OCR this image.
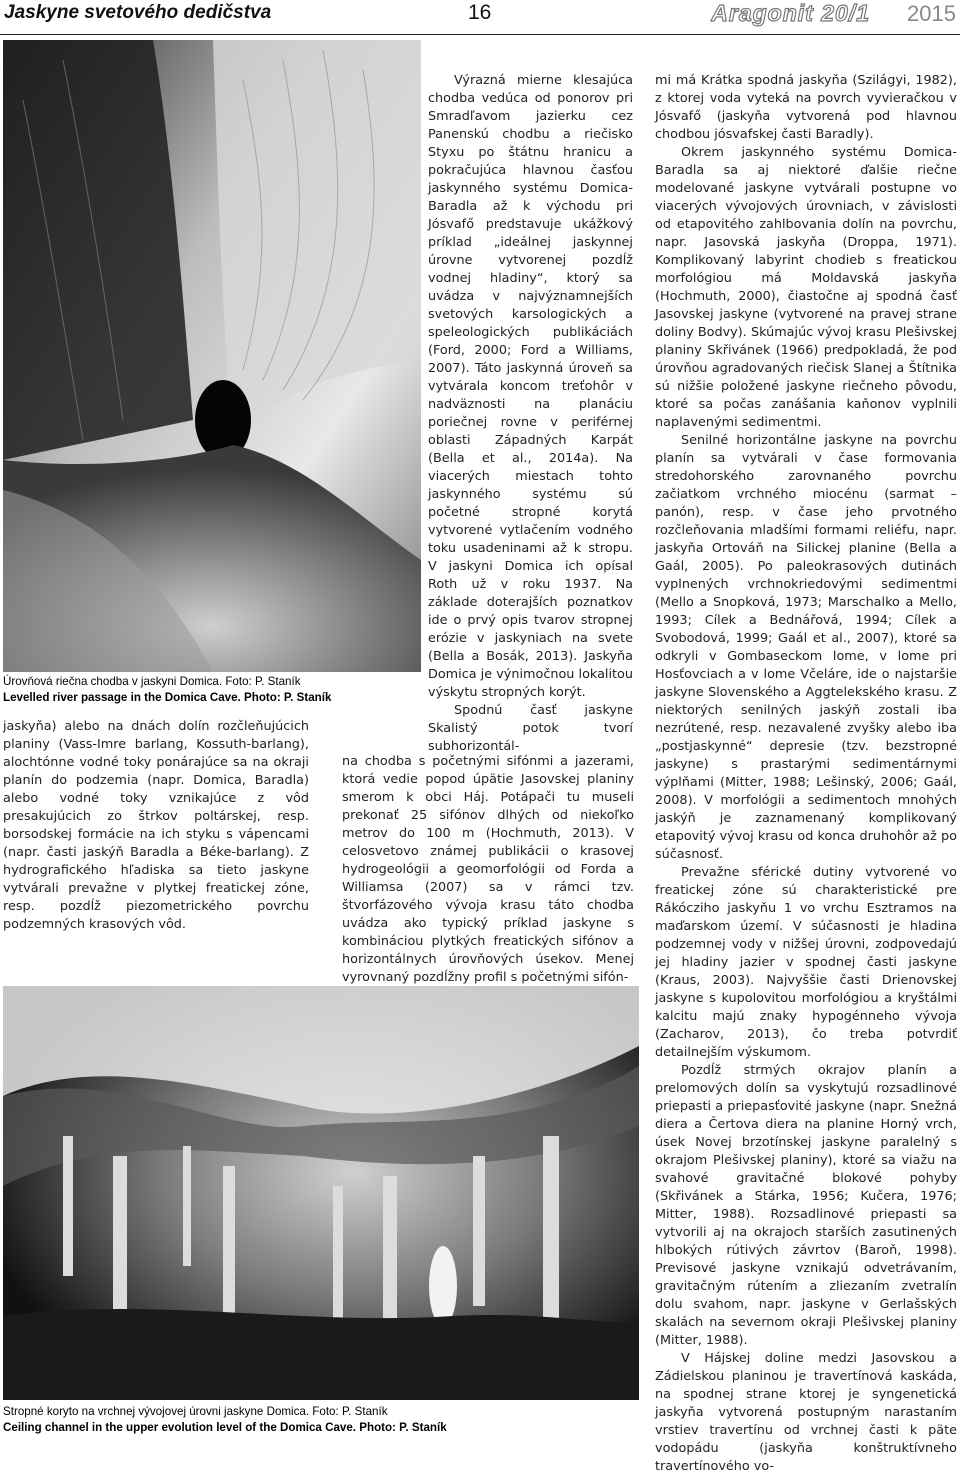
Jaskyne svetového dedičstva	16	Aragonit 20/1 2015
Úrovňová riečna chodba v jaskyni Domica. Foto: P. Staník
Levelled river passage in the Domica Cave. Photo: P. Staník

jaskyňa) alebo na dnách dolín rozčleňujúcich planiny (Vass-Imre barlang, Kossuth-barlang), alochtónne vodné toky ponárajúce sa na okraji planín do podzemia (napr. Domica, Baradla) alebo vodné toky vznikajúce z vôd presakujúcich zo štrkov poltárskej, resp. borsodskej formácie na ich styku s vápencami (napr. časti jaskýň Baradla a Béke-barlang). Z hydrografického hľadiska sa tieto jaskyne vytvárali prevažne v plytkej freatickej zóne, resp. pozdĺž piezometrického povrchu podzemných krasových vôd.

Výrazná mierne klesajúca chodba vedúca od ponorov pri Smradľavom jazierku cez Panenskú chodbu a riečisko Styxu po štátnu hranicu a pokračujúca hlavnou časťou jaskynného systému Domica-Baradla až k východu pri Jósvafő predstavuje ukážkový príklad „ideálnej jaskynnej úrovne vytvorenej pozdĺž vodnej hladiny“, ktorý sa uvádza v najvýznamnejších svetových karsologických a speleologických publikáciách (Ford, 2000; Ford a Williams, 2007). Táto jaskynná úroveň sa vytvárala koncom treťohôr v nadväznosti na planáciu poriečnej rovne v periférnej oblasti Západných Karpát (Bella et al., 2014a). Na viacerých miestach tohto jaskynného systému sú početné stropné korytá vytvorené vytlačením vodného toku usadeninami až k stropu. V jaskyni Domica ich opísal Roth už v roku 1937. Na základe doterajších poznatkov ide o prvý opis tvarov stropnej erózie v jaskyniach na svete (Bella a Bosák, 2013). Jaskyňa Domica je výnimočnou lokalitou výskytu stropných korýt.

Spodnú časť jaskyne Skalistý potok tvorí subhorizontál-

na chodba s početnými sifónmi a jazerami, ktorá vedie popod úpätie Jasovskej planiny smerom k obci Háj. Potápači tu museli prekonať 25 sifónov dlhých od niekoľko metrov do 100 m (Hochmuth, 2013). V celosvetovo známej publikácii o krasovej hydrogeológii a geomorfológii od Forda a Williamsa (2007) sa v rámci tzv. štvorfázového vývoja krasu táto chodba uvádza ako typický príklad jaskyne s kombináciou plytkých freatických sifónov a horizontálnych úrovňových úsekov. Menej vyrovnaný pozdĺžny profil s početnými sifón-

Stropné koryto na vrchnej vývojovej úrovni jaskyne Domica. Foto: P. Staník
Ceiling channel in the upper evolution level of the Domica Cave. Photo: P. Staník

mi má Krátka spodná jaskyňa (Szilágyi, 1982), z ktorej voda vyteká na povrch vyvieračkou v Jósvafő (jaskyňa vytvorená pod hlavnou chodbou jósvafskej časti Baradly).

Okrem jaskynného systému Domica-Baradla sa aj niektoré ďalšie riečne modelované jaskyne vytvárali postupne vo viacerých vývojových úrovniach, v závislosti od etapovitého zahlbovania dolín na povrchu, napr. Jasovská jaskyňa (Droppa, 1971). Komplikovaný labyrint chodieb s freatickou morfológiou má Moldavská jaskyňa (Hochmuth, 2000), čiastočne aj spodná časť Jasovskej jaskyne (vytvorené na pravej strane doliny Bodvy). Skúmajúc vývoj krasu Plešivskej planiny Skřivánek (1966) predpokladá, že pod úrovňou agradovaných riečisk Slanej a Štítnika sú nižšie položené jaskyne riečneho pôvodu, ktoré sa počas zanášania kaňonov vyplnili naplavenými sedimentmi.

Senilné horizontálne jaskyne na povrchu planín sa vytvárali v čase formovania stredohorského zarovnaného povrchu začiatkom vrchného miocénu (sarmat – panón), resp. v čase jeho prvotného rozčleňovania mladšími formami reliéfu, napr. jaskyňa Ortováň na Silickej planine (Bella a Gaál, 2005). Po paleokrasových dutinách vyplnených vrchnokriedovými sedimentmi (Mello a Snopková, 1973; Marschalko a Mello, 1993; Cílek a Bednářová, 1994; Cílek a Svobodová, 1999; Gaál et al., 2007), ktoré sa odkryli v Gombaseckom lome, v lome pri Hosťovciach a v lome Včeláre, ide o najstaršie jaskyne Slovenského a Aggtelekského krasu. Z niektorých senilných jaskýň zostali iba nezrútené, resp. nezavalené zvyšky alebo iba „postjaskynné“ depresie (tzv. bezstropné jaskyne) s prastarými sedimentárnymi výplňami (Mitter, 1988; Lešinský, 2006; Gaál, 2008). V morfológii a sedimentoch mnohých jaskýň je zaznamenaný komplikovaný etapovitý vývoj krasu od konca druhohôr až po súčasnosť.

Prevažne sférické dutiny vytvorené vo freatickej zóne sú charakteristické pre Rákócziho jaskyňu 1 vo vrchu Esztramos na maďarskom území. V súčasnosti je hladina podzemnej vody v nižšej úrovni, zodpovedajú jej hladiny jazier v spodnej časti jaskyne (Kraus, 2003). Najvyššie časti Drienovskej jaskyne s kupolovitou morfológiou a kryštálmi kalcitu majú znaky hypogénneho vývoja (Zacharov, 2013), čo treba potvrdiť detailnejším výskumom.

Pozdĺž strmých okrajov planín a prelomových dolín sa vyskytujú rozsadlinové priepasti a priepasťovité jaskyne (napr. Snežná diera a Čertova diera na planine Horný vrch, úsek Novej brzotínskej jaskyne paralelný s okrajom Plešivskej planiny), ktoré sa viažu na svahové gravitačné blokové pohyby (Skřivánek a Stárka, 1956; Kučera, 1976; Mitter, 1988). Rozsadlinové priepasti sa vytvorili aj na okrajoch starších zasutinených hlbokých rútivých závrtov (Baroň, 1998). Previsové jaskyne vznikajú odvetrávaním, gravitačným rútením a zliezaním zvetralín dolu svahom, napr. jaskyne v Gerlašských skalách na severnom okraji Plešivskej planiny (Mitter, 1988).

V Hájskej doline medzi Jasovskou a Zádielskou planinou je travertínová kaskáda, na spodnej strane ktorej je syngenetická jaskyňa vytvorená postupným narastaním vrstiev travertínu od vrchnej časti k päte vodopádu (jaskyňa konštruktívneho travertínového vo-
